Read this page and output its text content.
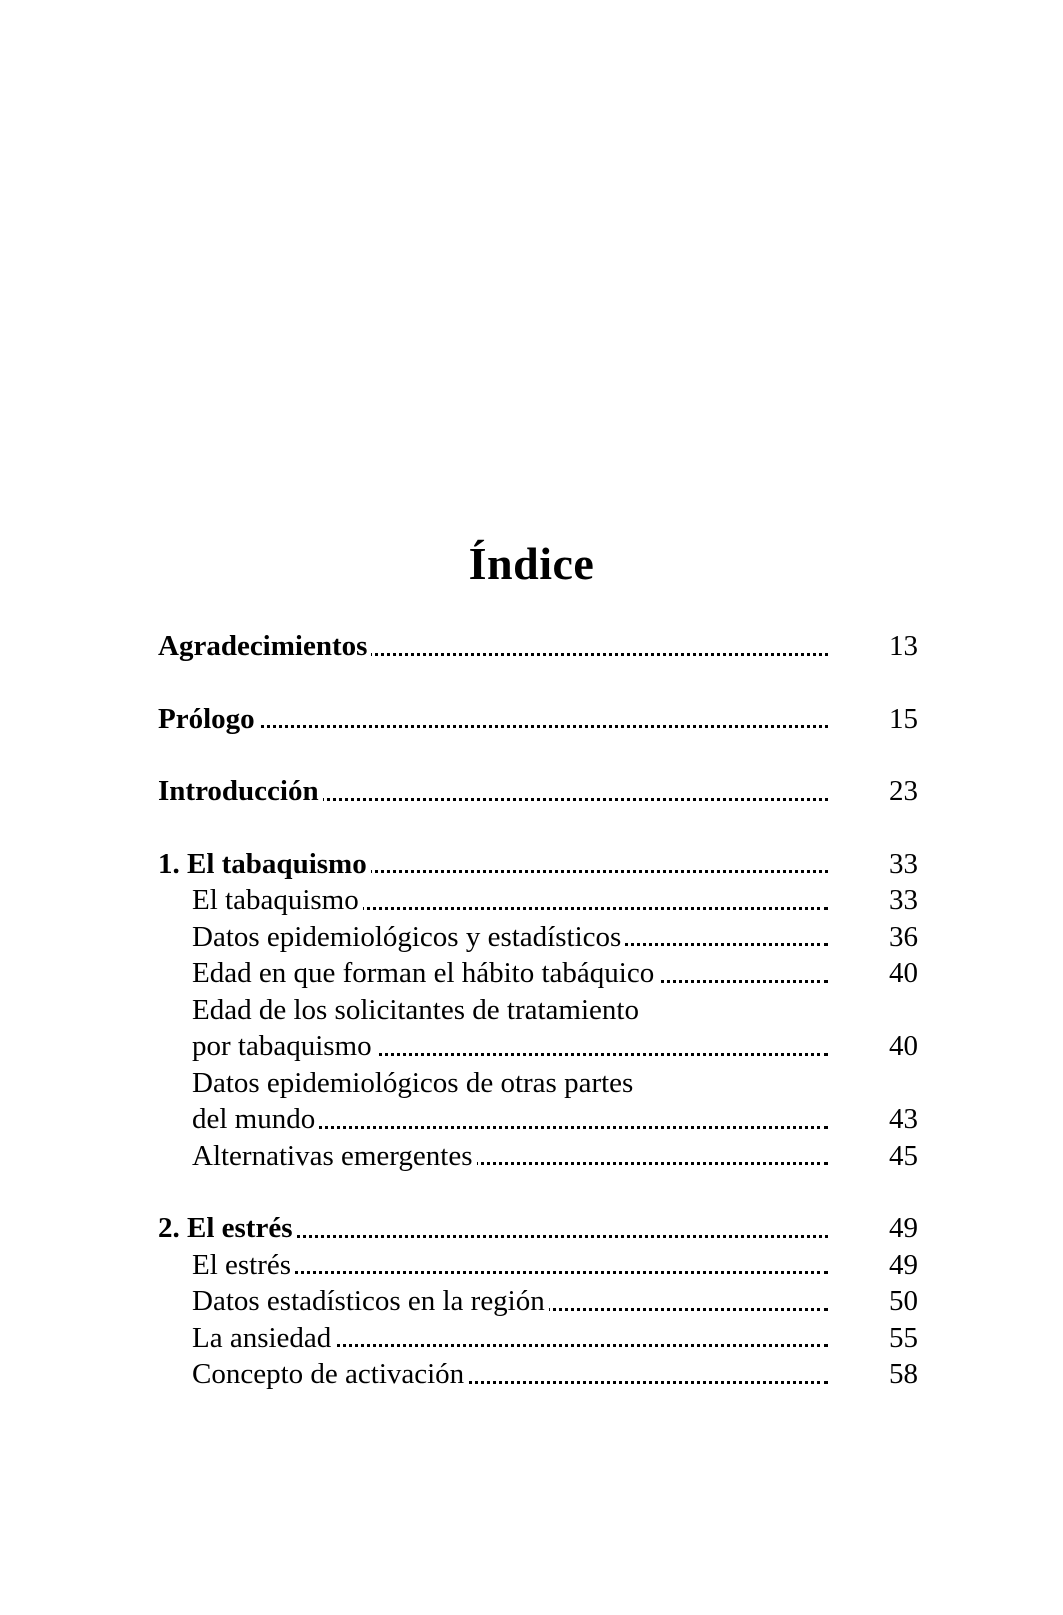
Índice
Agradecimientos	13
Prólogo	15
Introducción	23
1. El tabaquismo	33
El tabaquismo	33
Datos epidemiológicos y estadísticos	36
Edad en que forman el hábito tabáquico	40
Edad de los solicitantes de tratamiento
por tabaquismo	40
Datos epidemiológicos de otras partes
del mundo	43
Alternativas emergentes	45
2. El estrés	49
El estrés	49
Datos estadísticos en la región	50
La ansiedad	55
Concepto de activación	58
